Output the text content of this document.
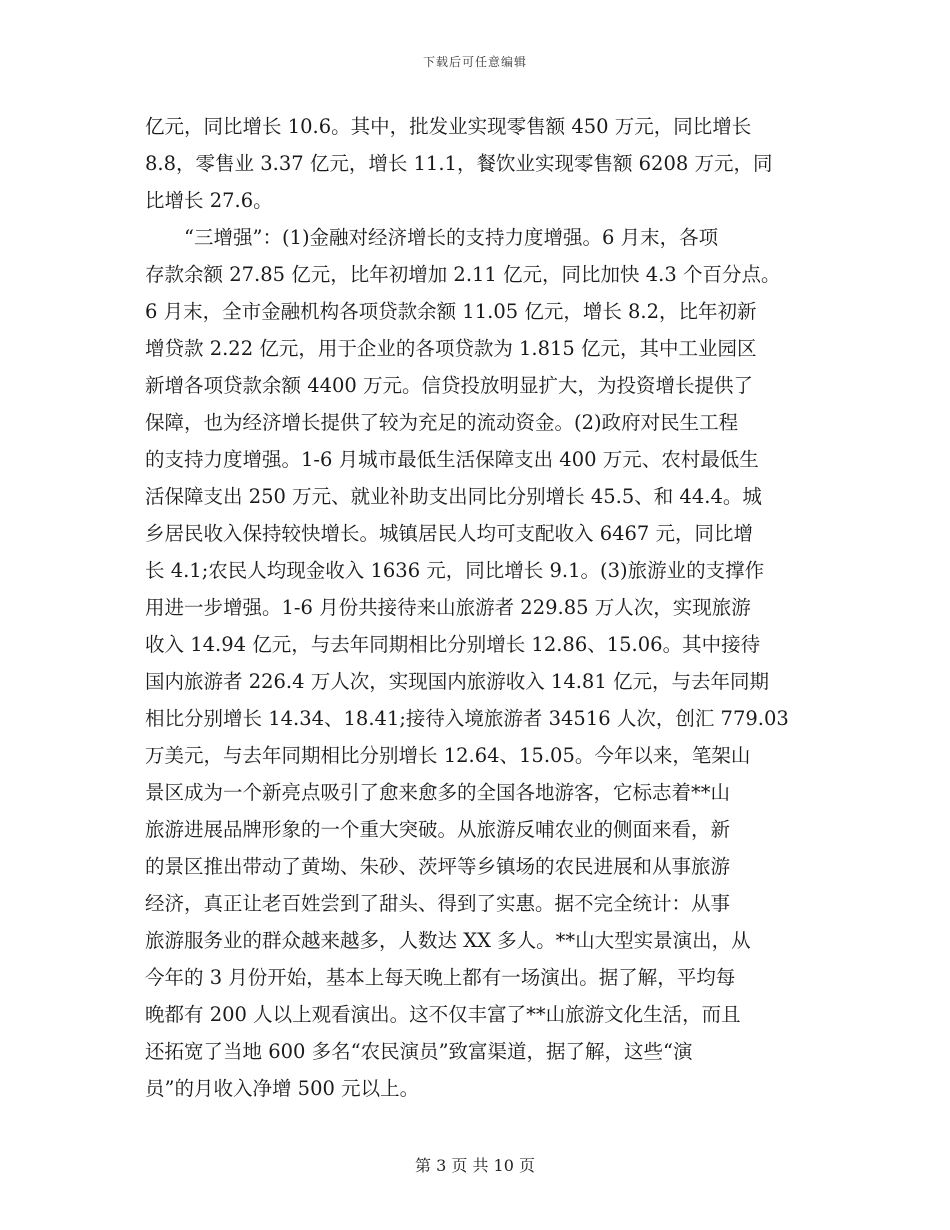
下载后可任意编辑
亿元，同比增长 10.6。其中，批发业实现零售额 450 万元，同比增长
8.8，零售业 3.37 亿元，增长 11.1，餐饮业实现零售额 6208 万元，同
比增长 27.6。
　　“三增强”：(1)金融对经济增长的支持力度增强。6 月末，各项
存款余额 27.85 亿元，比年初增加 2.11 亿元，同比加快 4.3 个百分点。
6 月末，全市金融机构各项贷款余额 11.05 亿元，增长 8.2，比年初新
增贷款 2.22 亿元，用于企业的各项贷款为 1.815 亿元，其中工业园区
新增各项贷款余额 4400 万元。信贷投放明显扩大，为投资增长提供了
保障，也为经济增长提供了较为充足的流动资金。(2)政府对民生工程
的支持力度增强。1-6 月城市最低生活保障支出 400 万元、农村最低生
活保障支出 250 万元、就业补助支出同比分别增长 45.5、和 44.4。城
乡居民收入保持较快增长。城镇居民人均可支配收入 6467 元，同比增
长 4.1;农民人均现金收入 1636 元，同比增长 9.1。(3)旅游业的支撑作
用进一步增强。1-6 月份共接待来山旅游者 229.85 万人次，实现旅游
收入 14.94 亿元，与去年同期相比分别增长 12.86、15.06。其中接待
国内旅游者 226.4 万人次，实现国内旅游收入 14.81 亿元，与去年同期
相比分别增长 14.34、18.41;接待入境旅游者 34516 人次，创汇 779.03
万美元，与去年同期相比分别增长 12.64、15.05。今年以来，笔架山
景区成为一个新亮点吸引了愈来愈多的全国各地游客，它标志着**山
旅游进展品牌形象的一个重大突破。从旅游反哺农业的侧面来看，新
的景区推出带动了黄坳、朱砂、茨坪等乡镇场的农民进展和从事旅游
经济，真正让老百姓尝到了甜头、得到了实惠。据不完全统计：从事
旅游服务业的群众越来越多，人数达 XX 多人。**山大型实景演出，从
今年的 3 月份开始，基本上每天晚上都有一场演出。据了解，平均每
晚都有 200 人以上观看演出。这不仅丰富了**山旅游文化生活，而且
还拓宽了当地 600 多名“农民演员”致富渠道，据了解，这些“演
员”的月收入净增 500 元以上。
第 3 页 共 10 页
